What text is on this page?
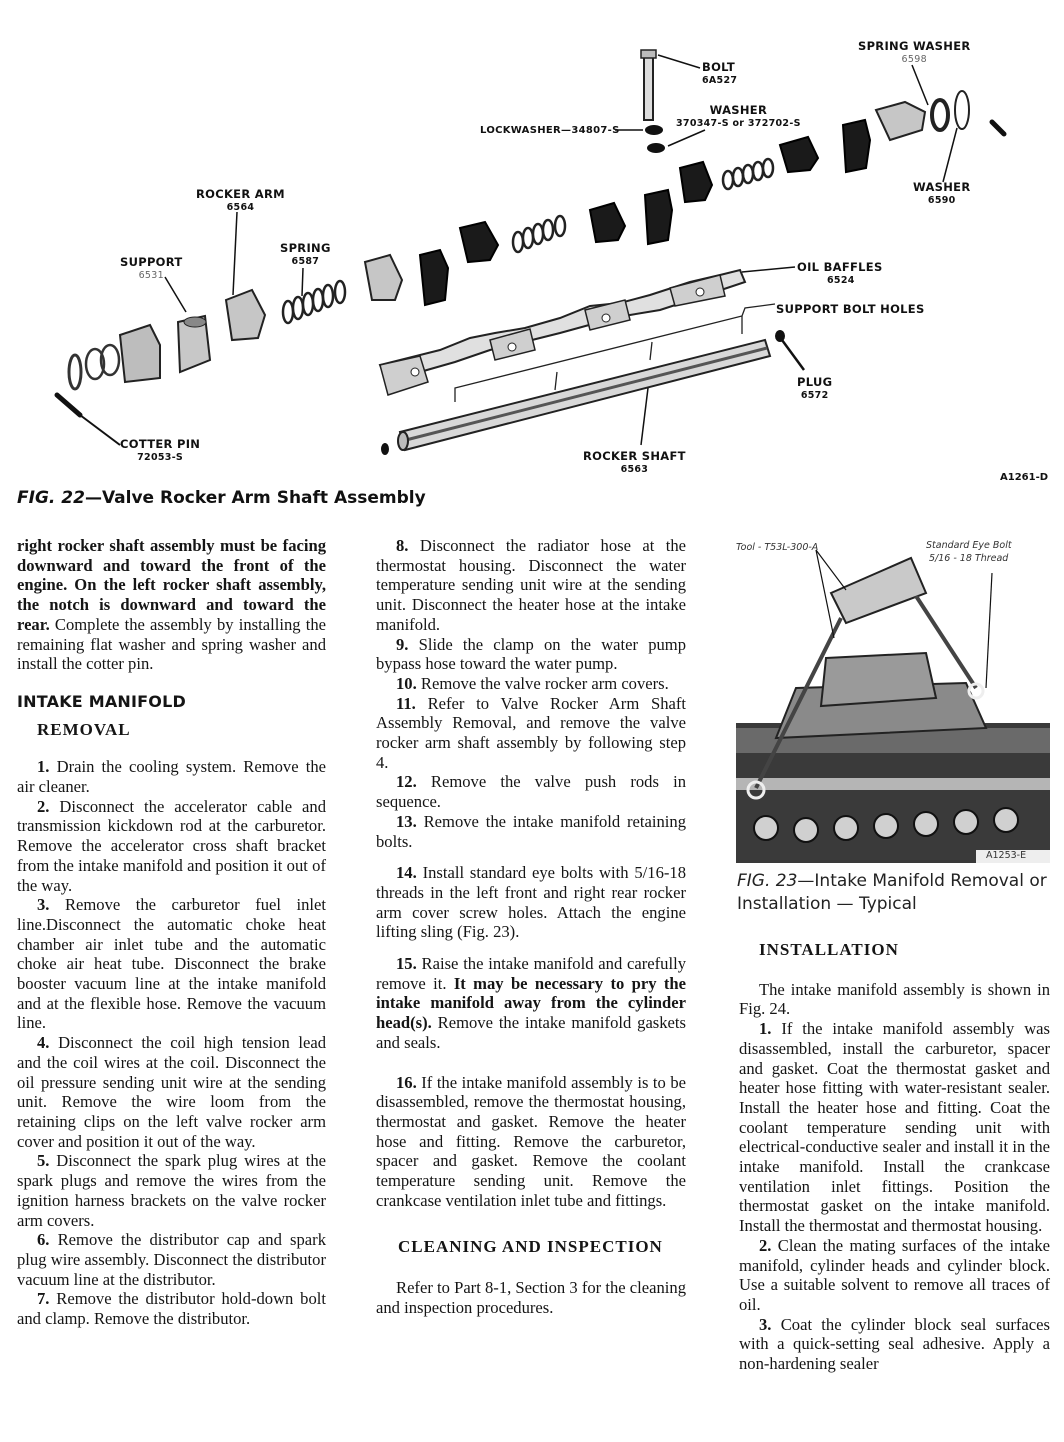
SPRING WASHER
6598
BOLT
6A527
WASHER
370347-S or 372702-S
LOCKWASHER—34807-S
WASHER
6590
ROCKER ARM
6564
SPRING
6587
SUPPORT
6531
OIL BAFFLES
6524
SUPPORT BOLT HOLES
PLUG
6572
COTTER PIN
72053-S	ROCKER SHAFT
6563
A1261-D
FIG. 22—Valve Rocker Arm Shaft Assembly

right rocker shaft assembly must be facing downward and toward the front of the engine. On the left rocker shaft assembly, the notch is downward and toward the rear. Complete the assembly by installing the remaining flat washer and spring washer and install the cotter pin.

INTAKE MANIFOLD
REMOVAL

1. Drain the cooling system. Remove the air cleaner.

2. Disconnect the accelerator cable and transmission kickdown rod at the carburetor. Remove the accelerator cross shaft bracket from the intake manifold and position it out of the way.

3. Remove the carburetor fuel inlet line.Disconnect the automatic choke heat chamber air inlet tube and the automatic choke air heat tube. Disconnect the brake booster vacuum line at the intake manifold and at the flexible hose. Remove the vacuum line.

4. Disconnect the coil high tension lead and the coil wires at the coil. Disconnect the oil pressure sending unit wire at the sending unit. Remove the wire loom from the retaining clips on the left valve rocker arm cover and position it out of the way.

5. Disconnect the spark plug wires at the spark plugs and remove the wires from the ignition harness brackets on the valve rocker arm covers.

6. Remove the distributor cap and spark plug wire assembly. Disconnect the distributor vacuum line at the distributor.

7. Remove the distributor hold-down bolt and clamp. Remove the distributor.

8. Disconnect the radiator hose at the thermostat housing. Disconnect the water temperature sending unit wire at the sending unit. Disconnect the heater hose at the intake manifold.

9. Slide the clamp on the water pump bypass hose toward the water pump.

10. Remove the valve rocker arm covers.

11. Refer to Valve Rocker Arm Shaft Assembly Removal, and remove the valve rocker arm shaft assembly by following step 4.

12. Remove the valve push rods in sequence.

13. Remove the intake manifold retaining bolts.

14. Install standard eye bolts with 5/16-18 threads in the left front and right rear rocker arm cover screw holes. Attach the engine lifting sling (Fig. 23).

15. Raise the intake manifold and carefully remove it. It may be necessary to pry the intake manifold away from the cylinder head(s). Remove the intake manifold gaskets and seals.

16. If the intake manifold assembly is to be disassembled, remove the thermostat housing, thermostat and gasket. Remove the heater hose and fitting. Remove the carburetor, spacer and gasket. Remove the coolant temperature sending unit. Remove the crankcase ventilation inlet tube and fittings.

CLEANING AND INSPECTION

Refer to Part 8-1, Section 3 for the cleaning and inspection procedures.

Tool - T53L-300-A	Standard Eye Bolt
5/16 - 18 Thread
A1253-E
FIG. 23—Intake Manifold Removal or Installation — Typical
INSTALLATION

The intake manifold assembly is shown in Fig. 24.

1. If the intake manifold assembly was disassembled, install the carburetor, spacer and gasket. Coat the thermostat gasket and heater hose fitting with water-resistant sealer. Install the heater hose and fitting. Coat the coolant temperature sending unit with electrical-conductive sealer and install it in the intake manifold. Install the crankcase ventilation inlet fittings. Position the thermostat gasket on the intake manifold. Install the thermostat and thermostat housing.

2. Clean the mating surfaces of the intake manifold, cylinder heads and cylinder block. Use a suitable solvent to remove all traces of oil.

3. Coat the cylinder block seal surfaces with a quick-setting seal adhesive. Apply a non-hardening sealer
